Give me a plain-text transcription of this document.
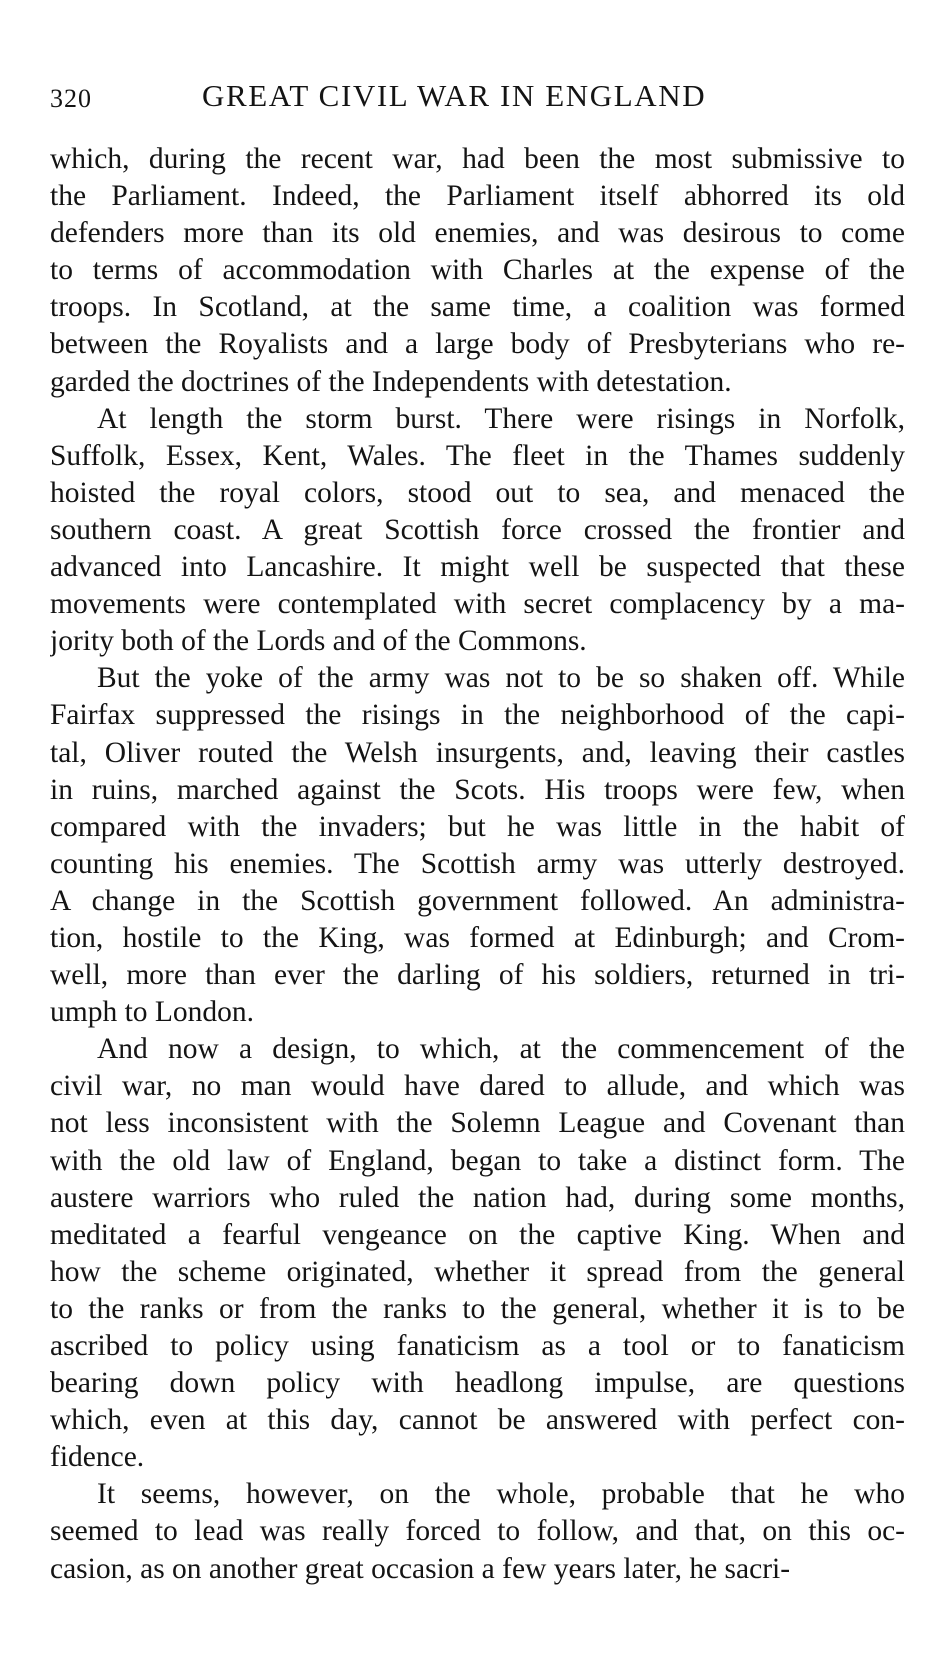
320	GREAT CIVIL WAR IN ENGLAND
which, during the recent war, had been the most submissive to
the Parliament. Indeed, the Parliament itself abhorred its old
defenders more than its old enemies, and was desirous to come
to terms of accommodation with Charles at the expense of the
troops. In Scotland, at the same time, a coalition was formed
between the Royalists and a large body of Presbyterians who re-
garded the doctrines of the Independents with detestation.
At length the storm burst. There were risings in Norfolk,
Suffolk, Essex, Kent, Wales. The fleet in the Thames suddenly
hoisted the royal colors, stood out to sea, and menaced the
southern coast. A great Scottish force crossed the frontier and
advanced into Lancashire. It might well be suspected that these
movements were contemplated with secret complacency by a ma-
jority both of the Lords and of the Commons.
But the yoke of the army was not to be so shaken off. While
Fairfax suppressed the risings in the neighborhood of the capi-
tal, Oliver routed the Welsh insurgents, and, leaving their castles
in ruins, marched against the Scots. His troops were few, when
compared with the invaders; but he was little in the habit of
counting his enemies. The Scottish army was utterly destroyed.
A change in the Scottish government followed. An administra-
tion, hostile to the King, was formed at Edinburgh; and Crom-
well, more than ever the darling of his soldiers, returned in tri-
umph to London.
And now a design, to which, at the commencement of the
civil war, no man would have dared to allude, and which was
not less inconsistent with the Solemn League and Covenant than
with the old law of England, began to take a distinct form. The
austere warriors who ruled the nation had, during some months,
meditated a fearful vengeance on the captive King. When and
how the scheme originated, whether it spread from the general
to the ranks or from the ranks to the general, whether it is to be
ascribed to policy using fanaticism as a tool or to fanaticism
bearing down policy with headlong impulse, are questions
which, even at this day, cannot be answered with perfect con-
fidence.
It seems, however, on the whole, probable that he who
seemed to lead was really forced to follow, and that, on this oc-
casion, as on another great occasion a few years later, he sacri-
